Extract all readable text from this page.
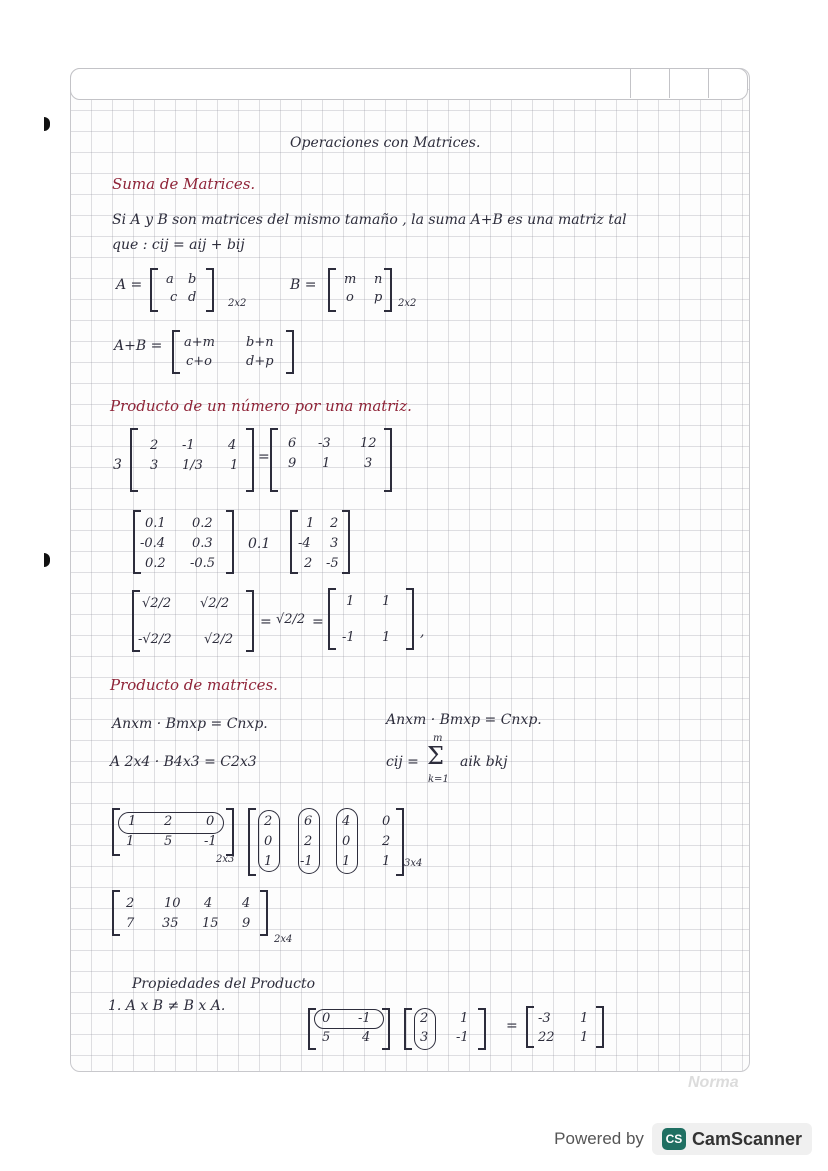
Operaciones con Matrices.
Suma de Matrices.
Si A y B son matrices del mismo tamaño , la suma A+B es una matriz tal
que : cij = aij + bij
A = a b
c d	2x2
B = m n
o p 2x2
A+B = a+m b+n
c+o	d+p
Producto de un número por una matriz.
3
2 -1	4
3 1/3 1
=
6 -3 12
9 1	3
0.1 0.2
-0.4 0.3
0.2 -0.5
0.1
1 2
-4 3
2 -5
√2/2 √2/2
-√2/2 √2/2
= √2/2 =
1 1
-1 1 ,
Producto de matrices.
Anxm · Bmxp = Cnxp.
A 2x4 · B4x3 = C2x3
Anxm · Bmxp = Cnxp.
cij =
m
Σ
k=1
aik bkj
1 2	0
1 5 -1
2x3
2 6 4 0
0 2 0 2
1 -1 1 1 3x4
2 10 4 4
7 35 15 9
2x4
Propiedades del Producto
1. A x B ≠ B x A.
0 -1
5 4
2 1
3 -1
= -3 1
22 1
Norma
Powered by	CS CamScanner
